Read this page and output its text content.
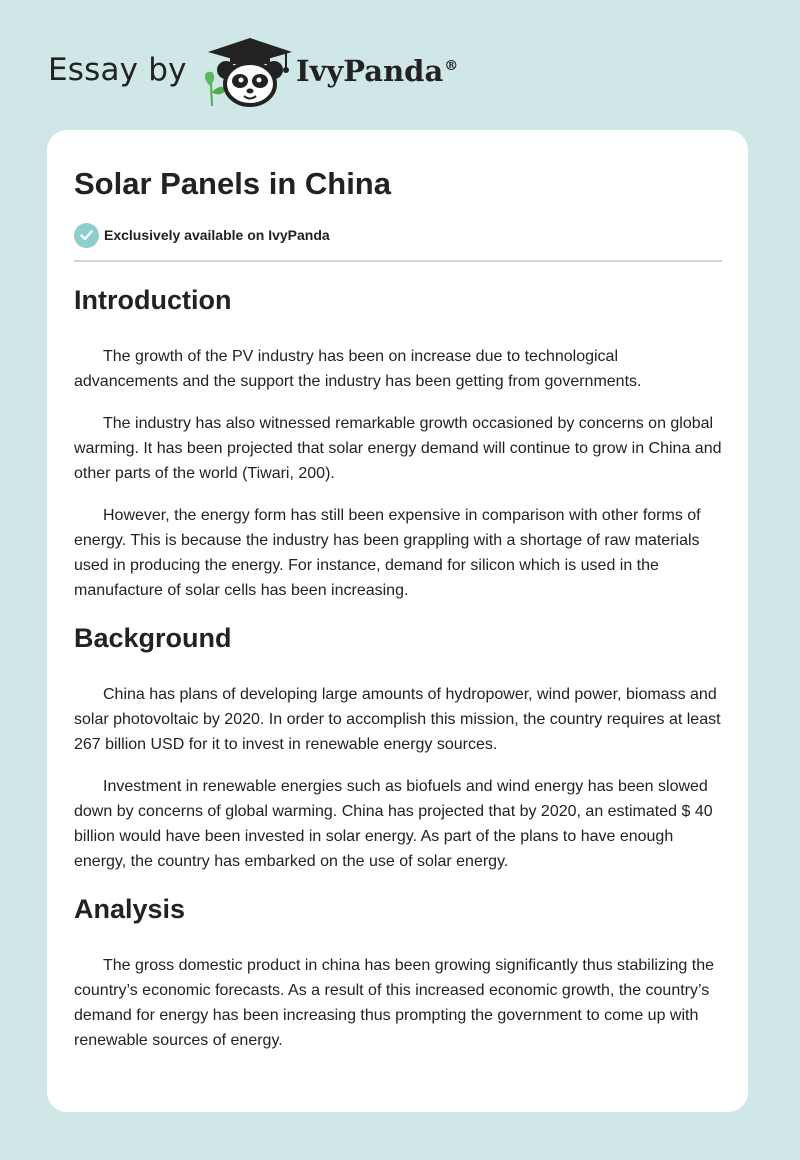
Essay by	IvyPanda®
Solar Panels in China
Exclusively available on IvyPanda
Introduction

The growth of the PV industry has been on increase due to technological advancements and the support the industry has been getting from governments.

The industry has also witnessed remarkable growth occasioned by concerns on global warming. It has been projected that solar energy demand will continue to grow in China and other parts of the world (Tiwari, 200).

However, the energy form has still been expensive in comparison with other forms of energy. This is because the industry has been grappling with a shortage of raw materials used in producing the energy. For instance, demand for silicon which is used in the manufacture of solar cells has been increasing.

Background

China has plans of developing large amounts of hydropower, wind power, biomass and solar photovoltaic by 2020. In order to accomplish this mission, the country requires at least 267 billion USD for it to invest in renewable energy sources.

Investment in renewable energies such as biofuels and wind energy has been slowed down by concerns of global warming. China has projected that by 2020, an estimated $ 40 billion would have been invested in solar energy. As part of the plans to have enough energy, the country has embarked on the use of solar energy.

Analysis

The gross domestic product in china has been growing significantly thus stabilizing the country’s economic forecasts. As a result of this increased economic growth, the country’s demand for energy has been increasing thus prompting the government to come up with renewable sources of energy.
